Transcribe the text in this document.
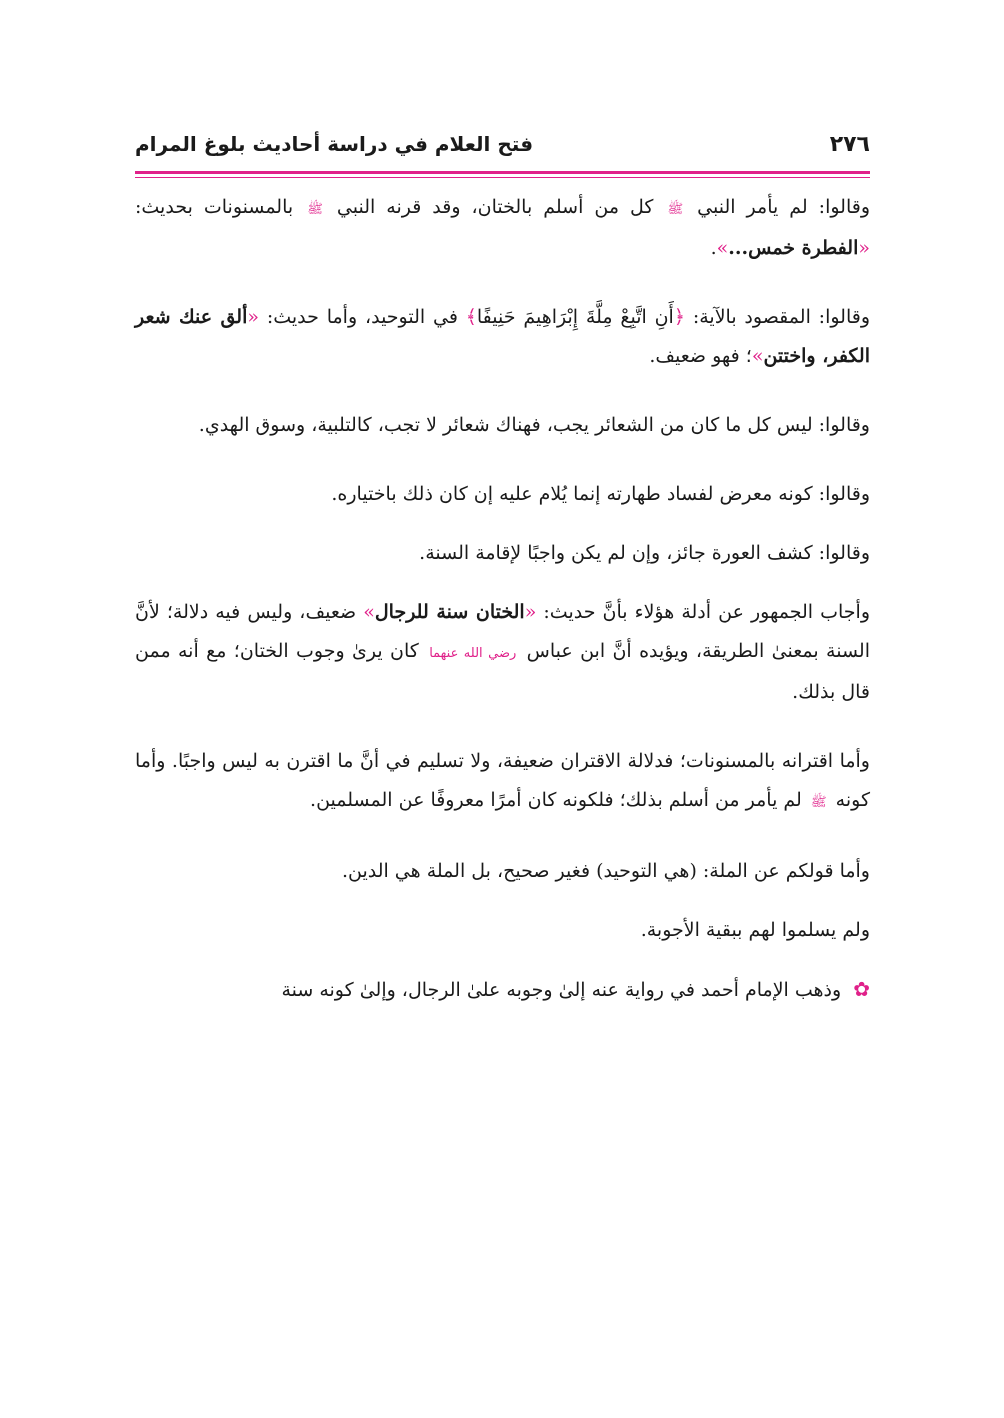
٢٧٦
فتح العلام في دراسة أحاديث بلوغ المرام

وقالوا: لم يأمر النبي ﷺ كل من أسلم بالختان، وقد قرنه النبي ﷺ بالمسنونات بحديث: «الفطرة خمس...».

وقالوا: المقصود بالآية: ﴿أَنِ اتَّبِعْ مِلَّةَ إِبْرَاهِيمَ حَنِيفًا﴾ في التوحيد، وأما حديث: «ألق عنك شعر الكفر، واختتن»؛ فهو ضعيف.

وقالوا: ليس كل ما كان من الشعائر يجب، فهناك شعائر لا تجب، كالتلبية، وسوق الهدي.

وقالوا: كونه معرض لفساد طهارته إنما يُلام عليه إن كان ذلك باختياره.

وقالوا: كشف العورة جائز، وإن لم يكن واجبًا لإقامة السنة.

وأجاب الجمهور عن أدلة هؤلاء بأنَّ حديث: «الختان سنة للرجال» ضعيف، وليس فيه دلالة؛ لأنَّ السنة بمعنىٰ الطريقة، ويؤيده أنَّ ابن عباس رضي الله عنهما كان يرىٰ وجوب الختان؛ مع أنه ممن قال بذلك.

وأما اقترانه بالمسنونات؛ فدلالة الاقتران ضعيفة، ولا تسليم في أنَّ ما اقترن به ليس واجبًا. وأما كونه ﷺ لم يأمر من أسلم بذلك؛ فلكونه كان أمرًا معروفًا عن المسلمين.

وأما قولكم عن الملة: (هي التوحيد) فغير صحيح، بل الملة هي الدين.

ولم يسلموا لهم ببقية الأجوبة.

✿ وذهب الإمام أحمد في رواية عنه إلىٰ وجوبه علىٰ الرجال، وإلىٰ كونه سنة
